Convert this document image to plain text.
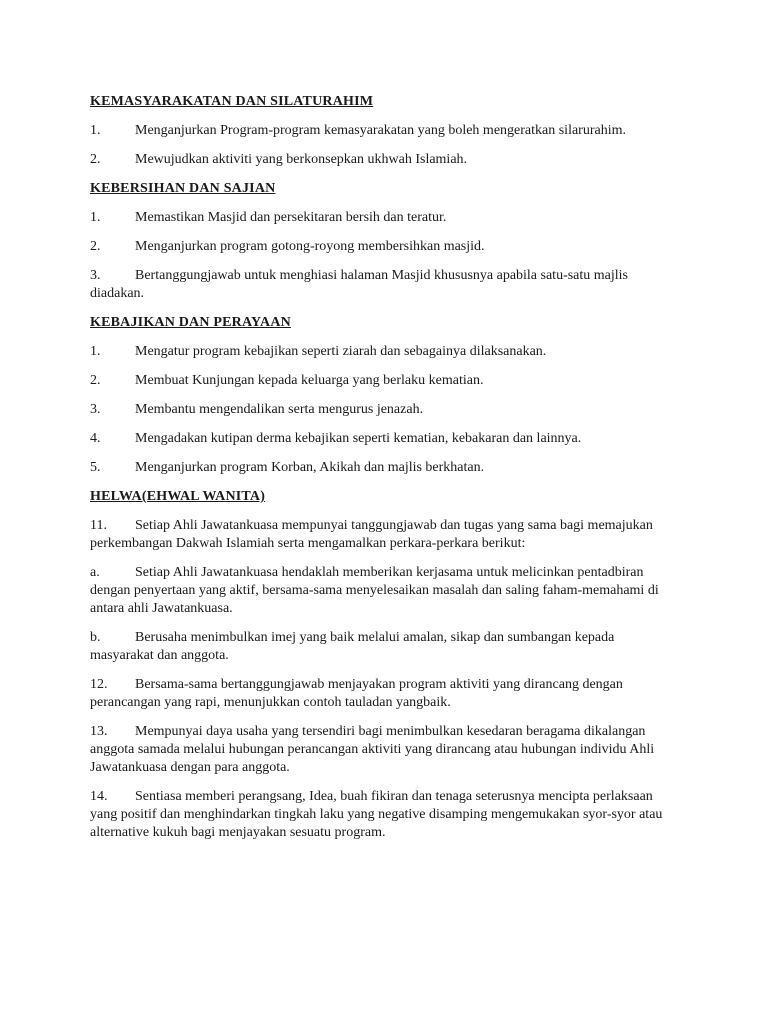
KEMASYARAKATAN DAN SILATURAHIM

1. Menganjurkan Program-program kemasyarakatan yang boleh mengeratkan silarurahim.

2. Mewujudkan aktiviti yang berkonsepkan ukhwah Islamiah.

KEBERSIHAN DAN SAJIAN

1. Memastikan Masjid dan persekitaran bersih dan teratur.

2. Menganjurkan program gotong-royong membersihkan masjid.

3. Bertanggungjawab untuk menghiasi halaman Masjid khususnya apabila satu-satu majlis diadakan.

KEBAJIKAN DAN PERAYAAN

1. Mengatur program kebajikan seperti ziarah dan sebagainya dilaksanakan.

2. Membuat Kunjungan kepada keluarga yang berlaku kematian.

3. Membantu mengendalikan serta mengurus jenazah.

4. Mengadakan kutipan derma kebajikan seperti kematian, kebakaran dan lainnya.

5. Menganjurkan program Korban, Akikah dan majlis berkhatan.

HELWA(EHWAL WANITA)

11. Setiap Ahli Jawatankuasa mempunyai tanggungjawab dan tugas yang sama bagi memajukan perkembangan Dakwah Islamiah serta mengamalkan perkara-perkara berikut:

a.	Setiap Ahli Jawatankuasa hendaklah memberikan kerjasama untuk melicinkan pentadbiran dengan penyertaan yang aktif, bersama-sama menyelesaikan masalah dan saling faham-memahami di antara ahli Jawatankuasa.

b. Berusaha menimbulkan imej yang baik melalui amalan, sikap dan sumbangan kepada masyarakat dan anggota.

12. Bersama-sama bertanggungjawab menjayakan program aktiviti yang dirancang dengan perancangan yang rapi, menunjukkan contoh tauladan yangbaik.

13. Mempunyai daya usaha yang tersendiri bagi menimbulkan kesedaran beragama dikalangan anggota samada melalui hubungan perancangan aktiviti yang dirancang atau hubungan individu Ahli Jawatankuasa dengan para anggota.

14. Sentiasa memberi perangsang, Idea, buah fikiran dan tenaga seterusnya mencipta perlaksaan yang positif dan menghindarkan tingkah laku yang negative disamping mengemukakan syor-syor atau alternative kukuh bagi menjayakan sesuatu program.
